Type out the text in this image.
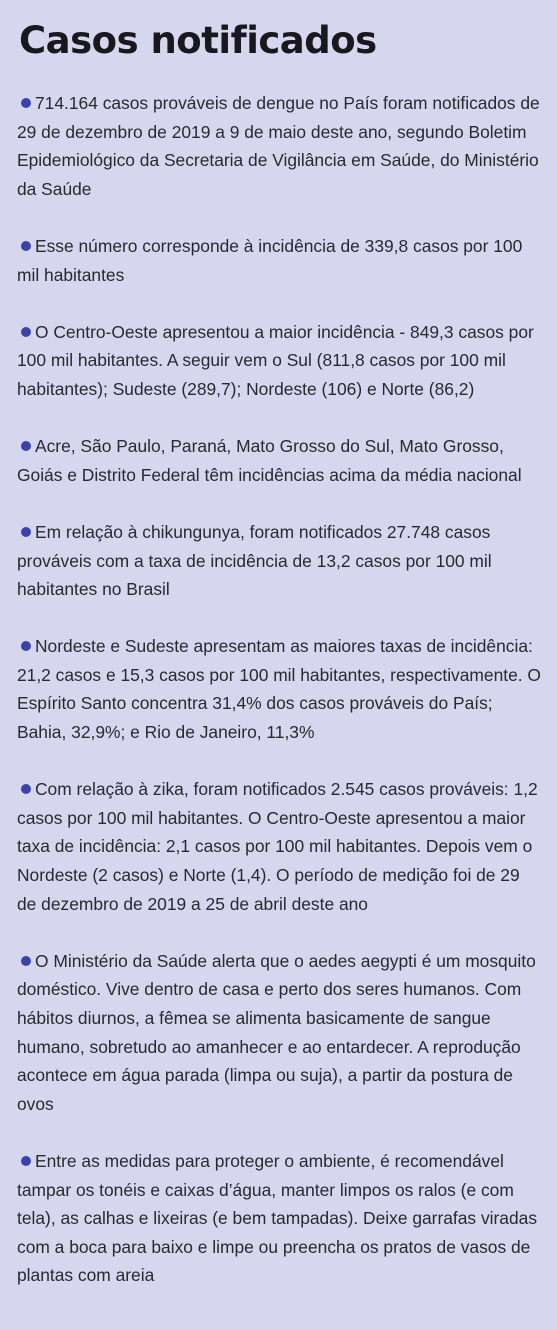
Casos notificados
714.164 casos prováveis de dengue no País foram notificados de 29 de dezembro de 2019 a 9 de maio deste ano, segundo Boletim Epidemiológico da Secretaria de Vigilância em Saúde, do Ministério da Saúde
Esse número corresponde à incidência de 339,8 casos por 100 mil habitantes
O Centro-Oeste apresentou a maior incidência - 849,3 casos por 100 mil habitantes. A seguir vem o Sul (811,8 casos por 100 mil habitantes); Sudeste (289,7); Nordeste (106) e Norte (86,2)
Acre, São Paulo, Paraná, Mato Grosso do Sul, Mato Grosso, Goiás e Distrito Federal têm incidências acima da média nacional
Em relação à chikungunya, foram notificados 27.748 casos prováveis com a taxa de incidência de 13,2 casos por 100 mil habitantes no Brasil
Nordeste e Sudeste apresentam as maiores taxas de incidência: 21,2 casos e 15,3 casos por 100 mil habitantes, respectivamente. O Espírito Santo concentra 31,4% dos casos prováveis do País; Bahia, 32,9%; e Rio de Janeiro, 11,3%
Com relação à zika, foram notificados 2.545 casos prováveis: 1,2 casos por 100 mil habitantes. O Centro-Oeste apresentou a maior taxa de incidência: 2,1 casos por 100 mil habitantes. Depois vem o Nordeste (2 casos) e Norte (1,4). O período de medição foi de 29 de dezembro de 2019 a 25 de abril deste ano
O Ministério da Saúde alerta que o aedes aegypti é um mosquito doméstico. Vive dentro de casa e perto dos seres humanos. Com hábitos diurnos, a fêmea se alimenta basicamente de sangue humano, sobretudo ao amanhecer e ao entardecer. A reprodução acontece em água parada (limpa ou suja), a partir da postura de ovos
Entre as medidas para proteger o ambiente, é recomendável tampar os tonéis e caixas d’água, manter limpos os ralos (e com tela), as calhas e lixeiras (e bem tampadas). Deixe garrafas viradas com a boca para baixo e limpe ou preencha os pratos de vasos de plantas com areia
